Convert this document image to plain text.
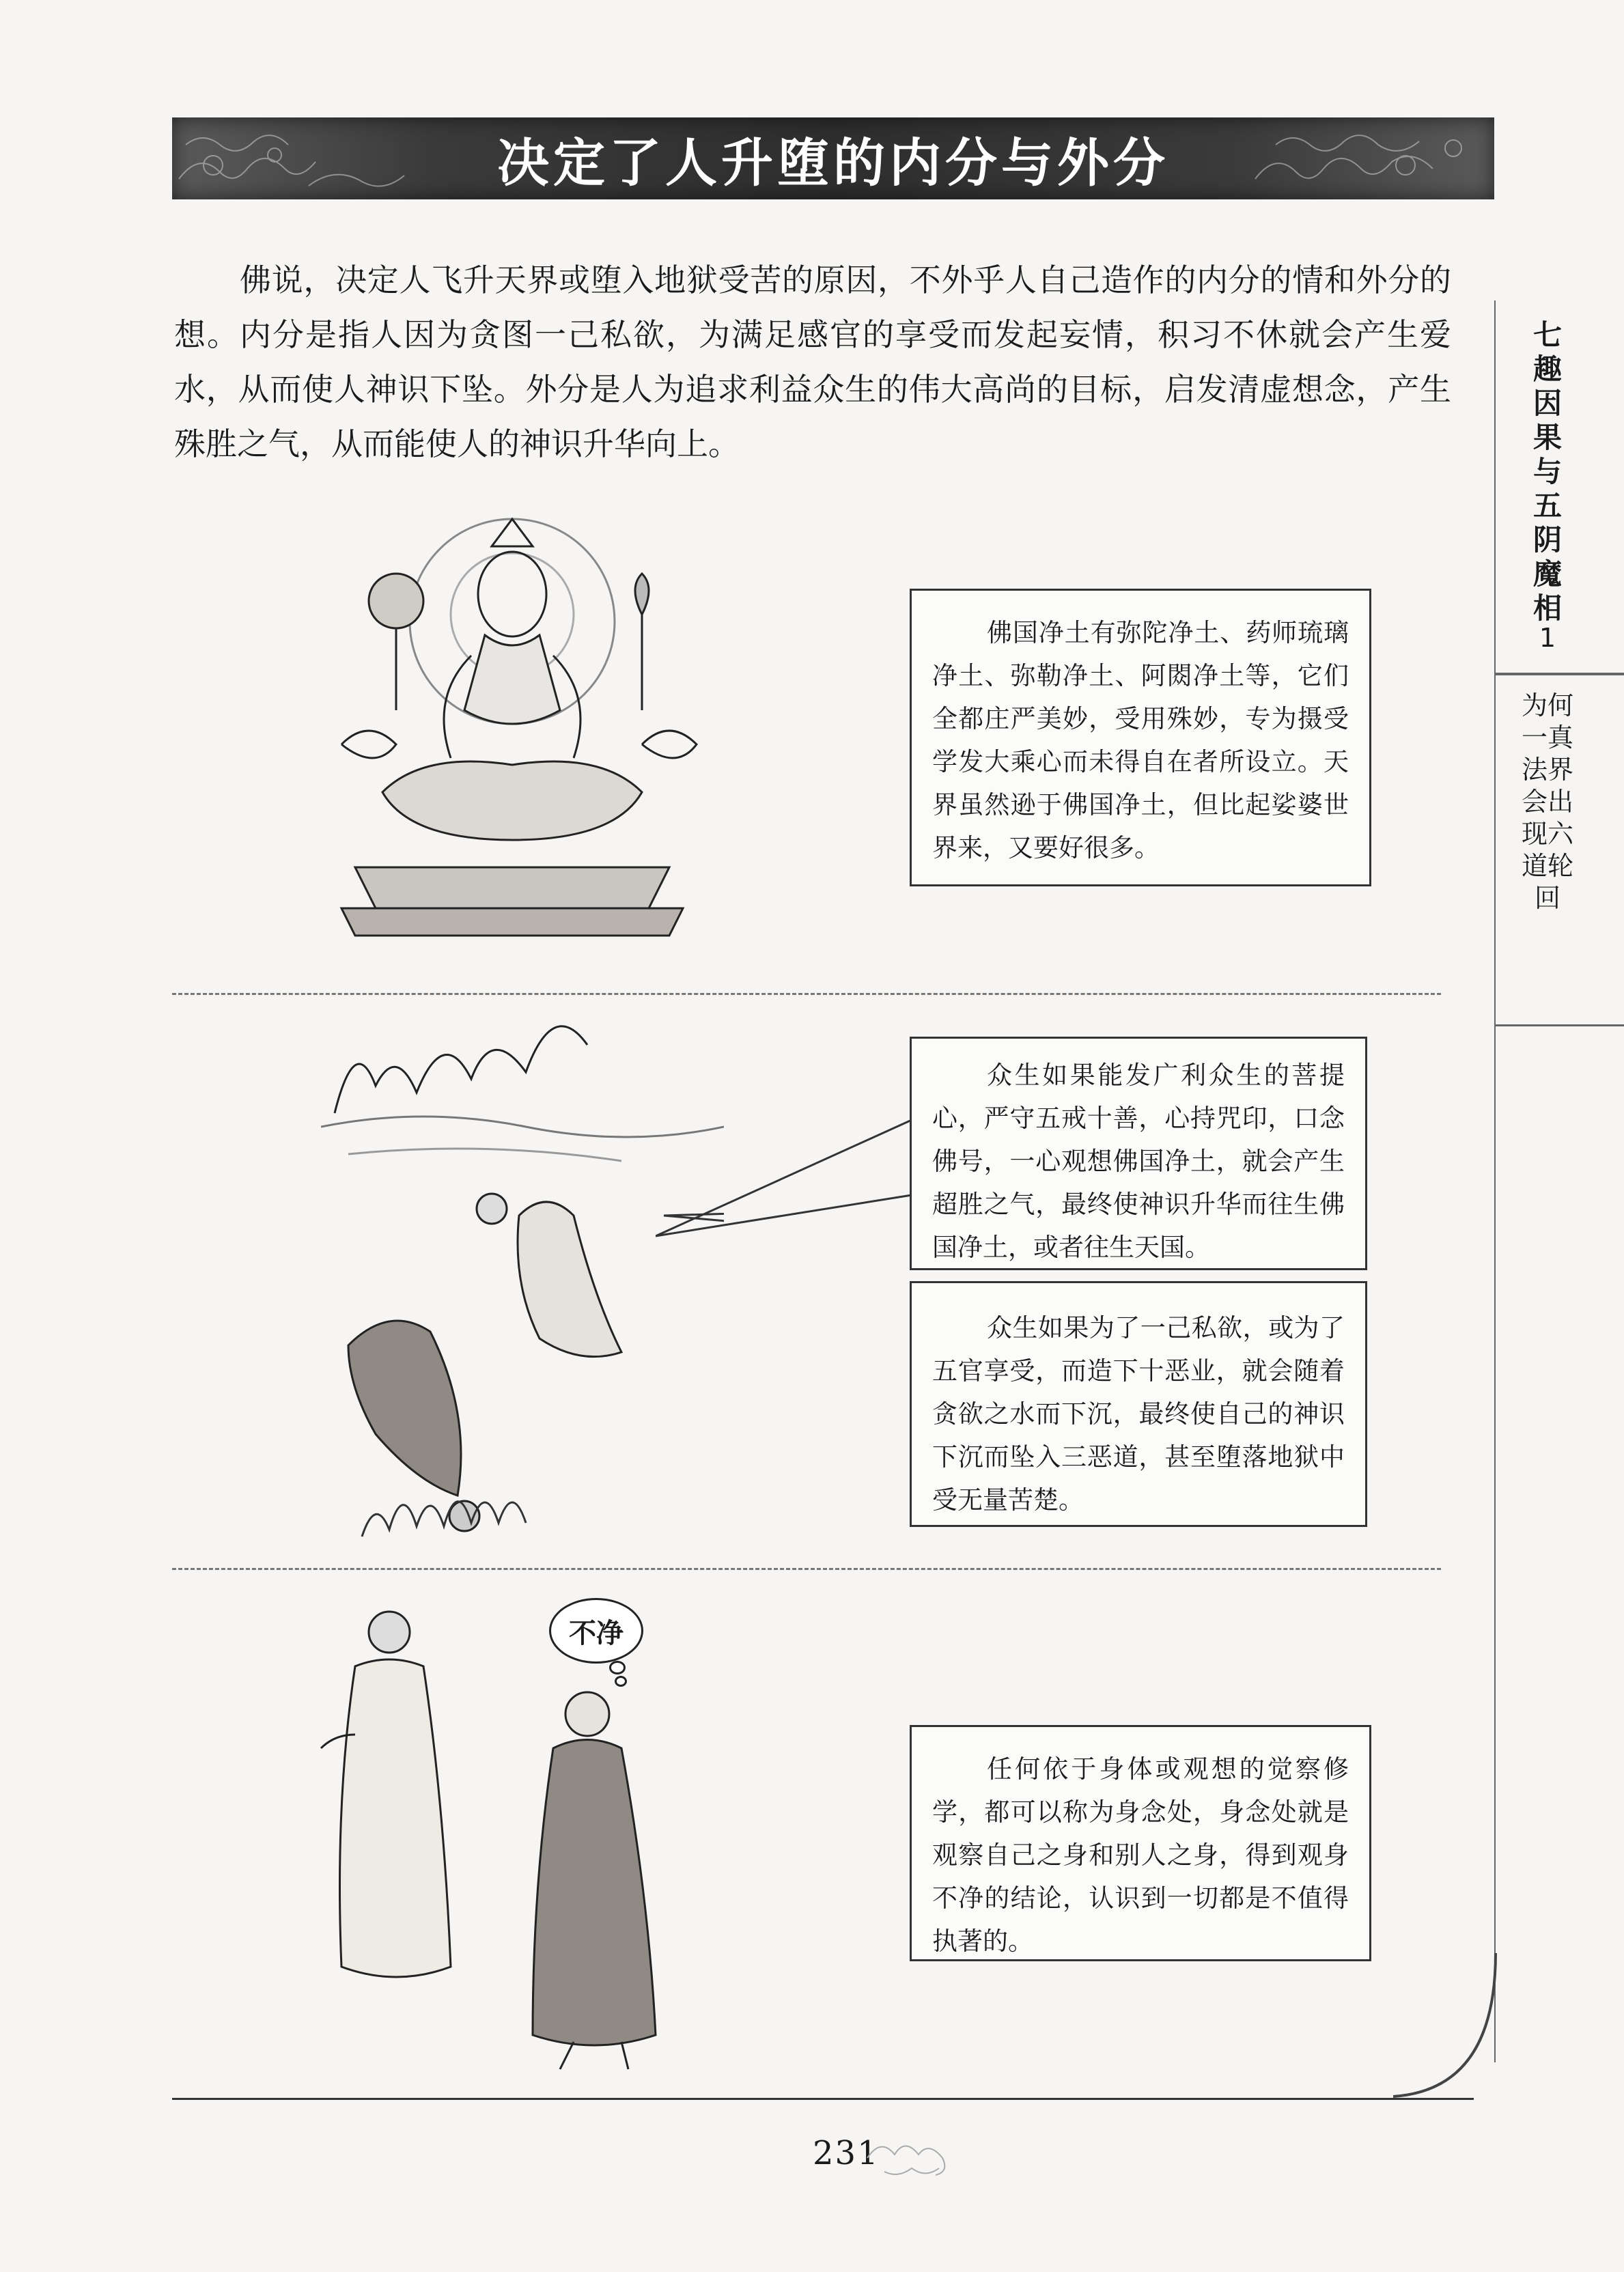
决定了人升堕的内分与外分

佛说，决定人飞升天界或堕入地狱受苦的原因，不外乎人自己造作的内分的情和外分的想。内分是指人因为贪图一己私欲，为满足感官的享受而发起妄情，积习不休就会产生爱水，从而使人神识下坠。外分是人为追求利益众生的伟大高尚的目标，启发清虚想念，产生殊胜之气，从而能使人的神识升华向上。

七趣因果与五阴魔相
1
为何一真法界会出现六道轮回
佛国净土有弥陀净土、药师琉璃净土、弥勒净土、阿閦净土等，它们全都庄严美妙，受用殊妙，专为摄受学发大乘心而未得自在者所设立。天界虽然逊于佛国净土，但比起娑婆世界来，又要好很多。
众生如果能发广利众生的菩提心，严守五戒十善，心持咒印，口念佛号，一心观想佛国净土，就会产生超胜之气，最终使神识升华而往生佛国净土，或者往生天国。
众生如果为了一己私欲，或为了五官享受，而造下十恶业，就会随着贪欲之水而下沉，最终使自己的神识下沉而坠入三恶道，甚至堕落地狱中受无量苦楚。
不净
任何依于身体或观想的觉察修学，都可以称为身念处，身念处就是观察自己之身和别人之身，得到观身不净的结论，认识到一切都是不值得执著的。
231
